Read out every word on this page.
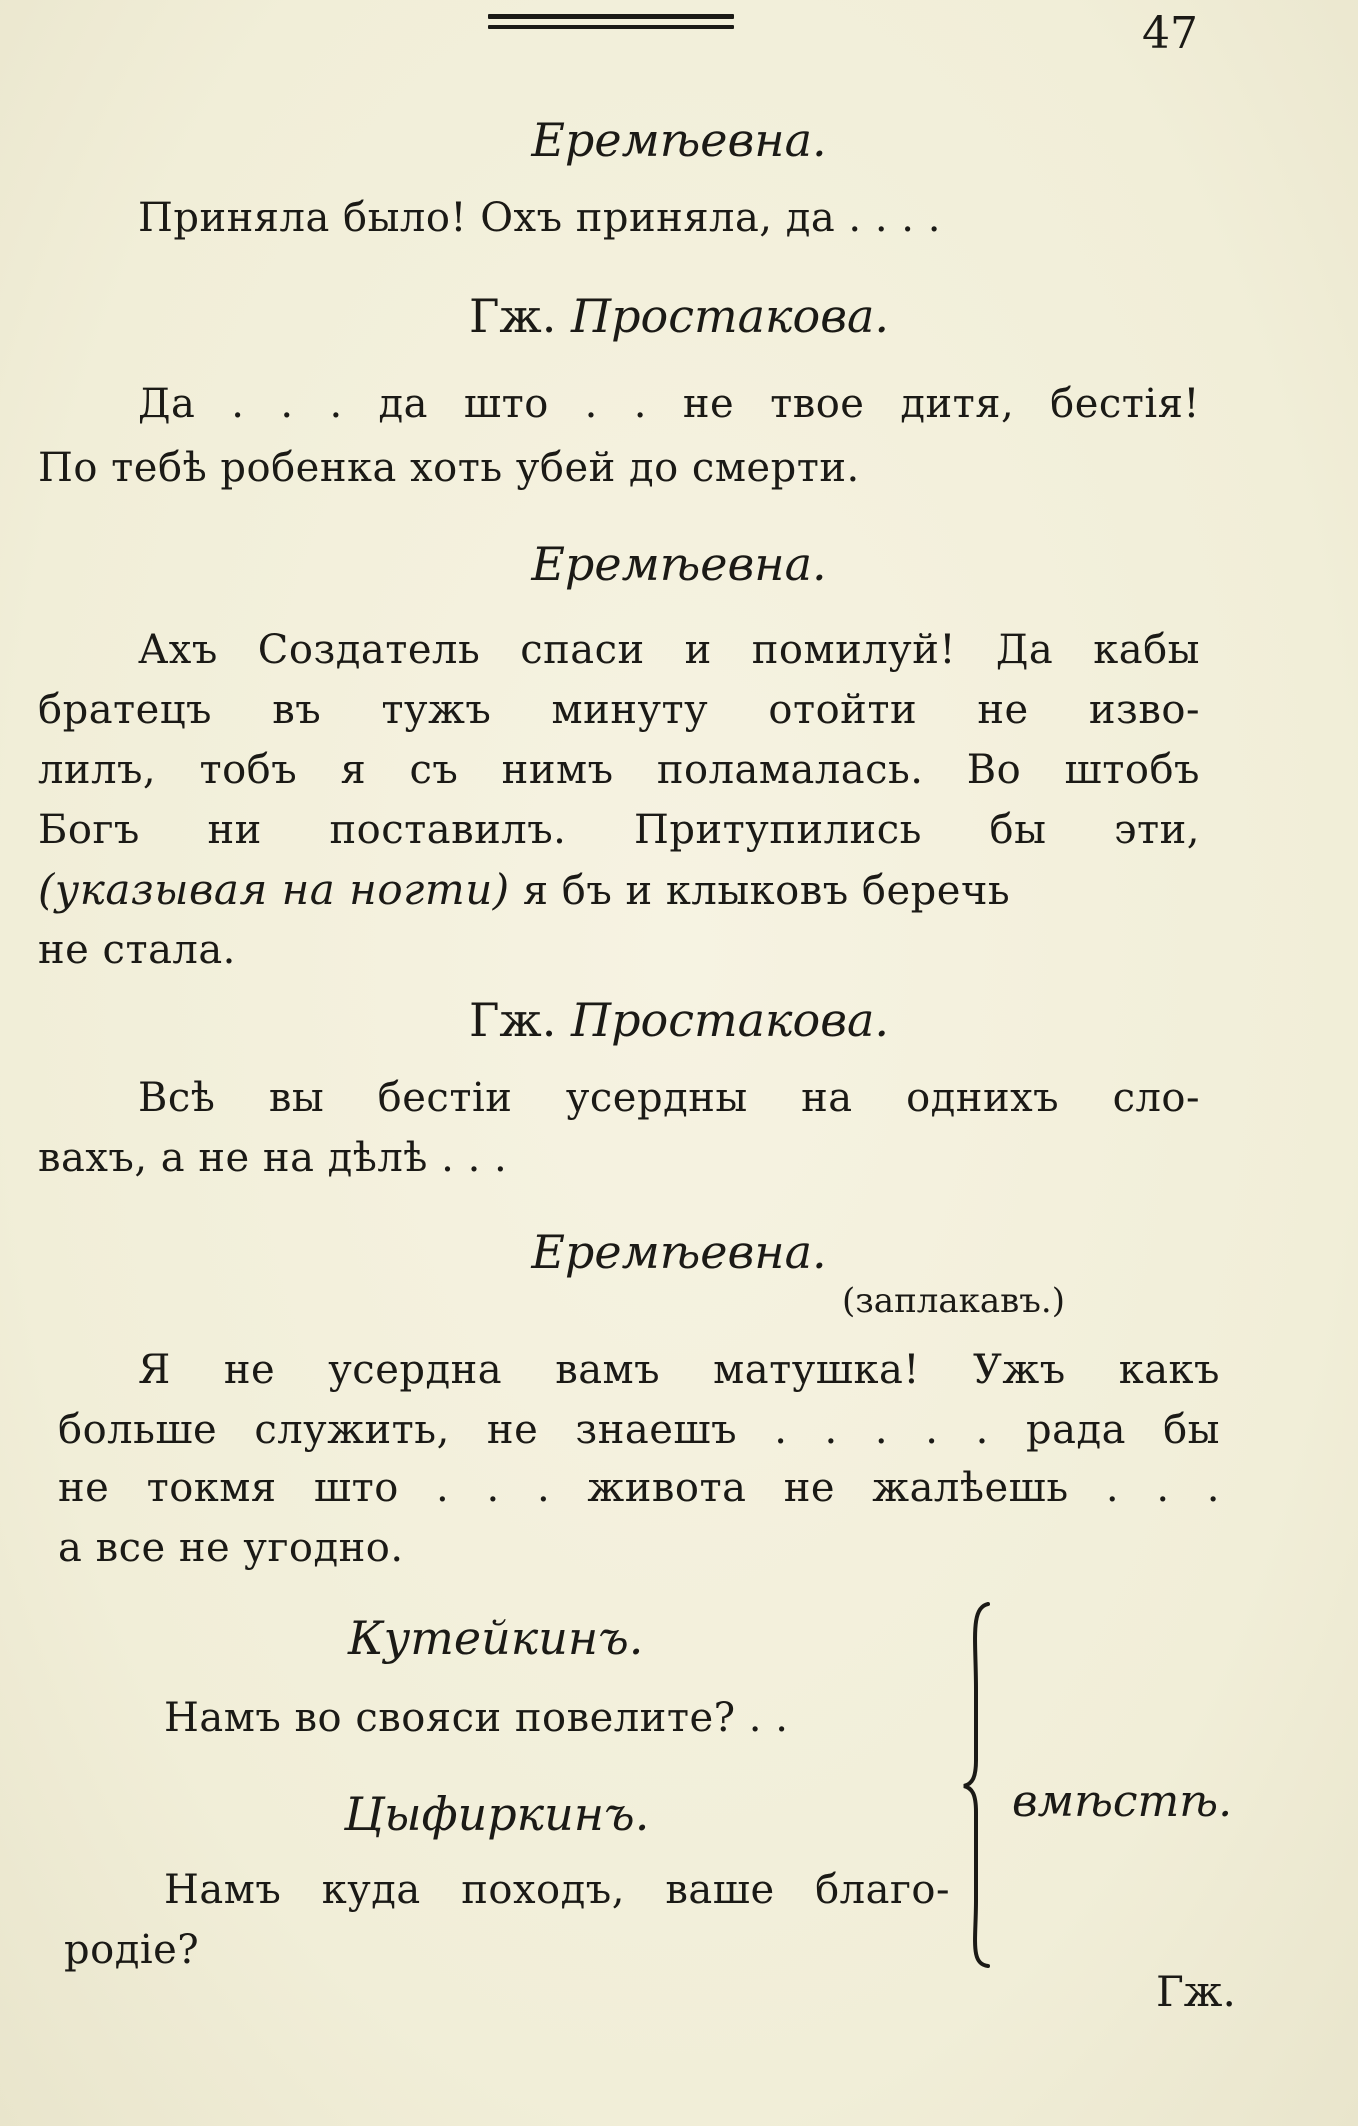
47
Еремѣевна.
Приняла было! Охъ приняла, да . . . .
Гж. Простакова.
Да . . . да што . . не твое дитя, бестія!
По тебѣ робенка хоть убей до смерти.
Еремѣевна.
Ахъ Создатель спаси и помилуй! Да кабы
братецъ въ тужъ минуту отойти не изво-
лилъ, тобъ я съ нимъ поламалась. Во штобъ
Богъ ни поставилъ. Притупились бы эти,
(указывая на ногти) я бъ и клыковъ беречь
не стала.
Гж. Простакова.
Всѣ вы бестіи усердны на однихъ сло-
вахъ, а не на дѣлѣ . . .
Еремѣевна.
(заплакавъ.)
Я не усердна вамъ матушка! Ужъ какъ
больше служить, не знаешъ . . . . . рада бы
не токмя што . . . живота не жалѣешь . . .
а все не угодно.
Кутейкинъ.
Намъ во свояси повелите? . .
Цыфиркинъ.
Намъ куда походъ, ваше благо-
родіе?
вмѣстѣ.
Гж.
